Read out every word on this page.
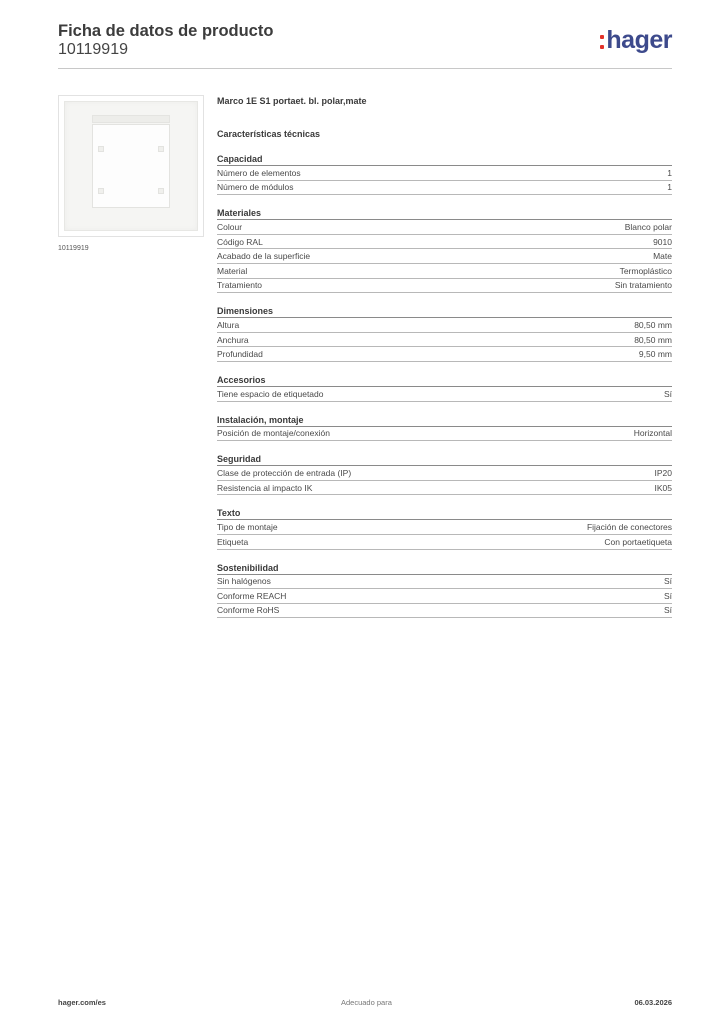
Ficha de datos de producto
10119919	hager
10119919
Marco 1E S1 portaet. bl. polar,mate
Características técnicas
Capacidad
Número de elementos	1
Número de módulos	1
Materiales
Colour	Blanco polar
Código RAL	9010
Acabado de la superficie	Mate
Material	Termoplástico
Tratamiento	Sin tratamiento
Dimensiones
Altura	80,50 mm
Anchura	80,50 mm
Profundidad	9,50 mm
Accesorios
Tiene espacio de etiquetado	Sí
Instalación, montaje
Posición de montaje/conexión	Horizontal
Seguridad
Clase de protección de entrada (IP)	IP20
Resistencia al impacto IK	IK05
Texto
Tipo de montaje	Fijación de conectores
Etiqueta	Con portaetiqueta
Sostenibilidad
Sin halógenos	Sí
Conforme REACH	Sí
Conforme RoHS	Sí
hager.com/es	Adecuado para	06.03.2026
